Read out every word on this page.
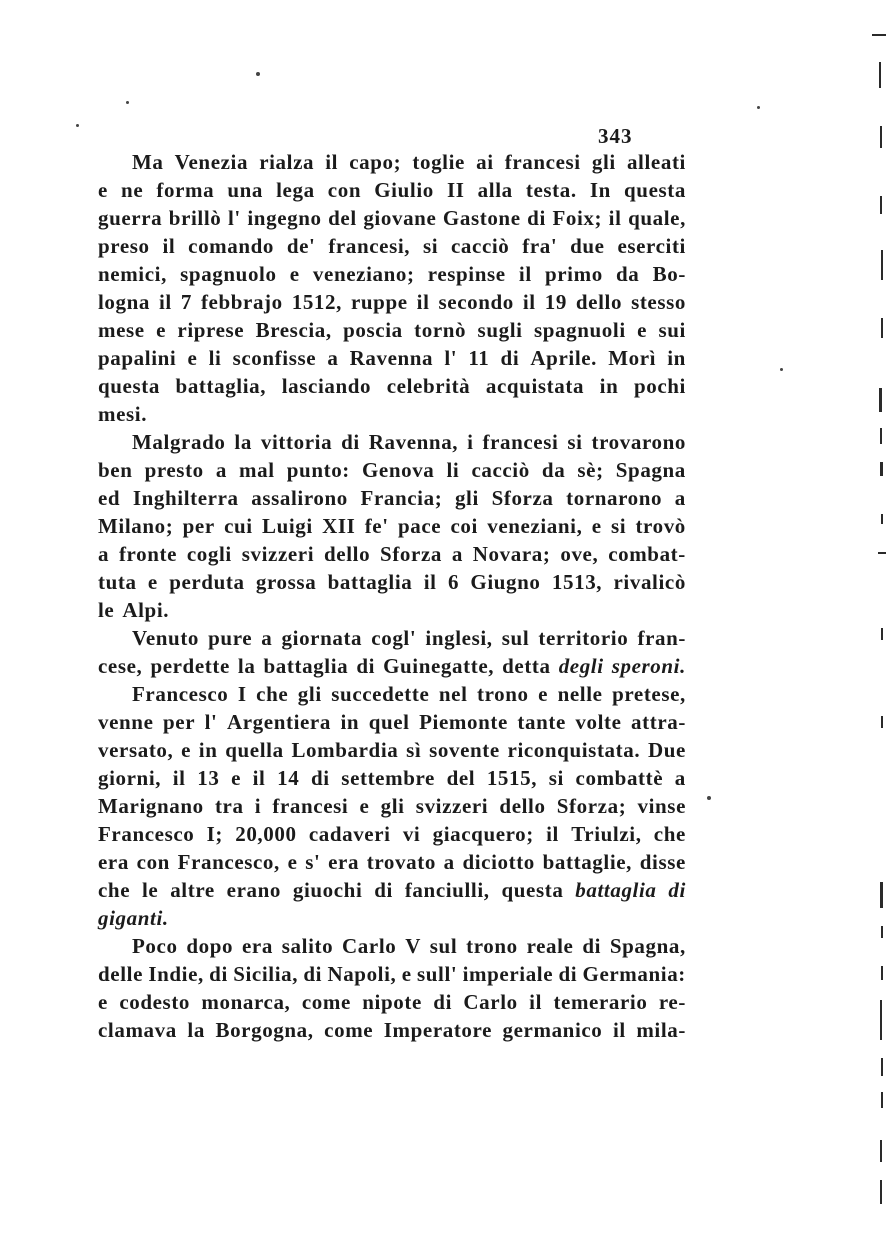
343
Ma Venezia rialza il capo; toglie ai francesi gli alleati
e ne forma una lega con Giulio II alla testa. In questa
guerra brillò l' ingegno del giovane Gastone di Foix; il quale,
preso il comando de' francesi, si cacciò fra' due eserciti
nemici, spagnuolo e veneziano; respinse il primo da Bo-
logna il 7 febbrajo 1512, ruppe il secondo il 19 dello stesso
mese e riprese Brescia, poscia tornò sugli spagnuoli e sui
papalini e li sconfisse a Ravenna l' 11 di Aprile. Morì in
questa battaglia, lasciando celebrità acquistata in pochi
mesi.
Malgrado la vittoria di Ravenna, i francesi si trovarono
ben presto a mal punto: Genova li cacciò da sè; Spagna
ed Inghilterra assalirono Francia; gli Sforza tornarono a
Milano; per cui Luigi XII fe' pace coi veneziani, e si trovò
a fronte cogli svizzeri dello Sforza a Novara; ove, combat-
tuta e perduta grossa battaglia il 6 Giugno 1513, rivalicò
le Alpi.
Venuto pure a giornata cogl' inglesi, sul territorio fran-
cese, perdette la battaglia di Guinegatte, detta degli speroni.
Francesco I che gli succedette nel trono e nelle pretese,
venne per l' Argentiera in quel Piemonte tante volte attra-
versato, e in quella Lombardia sì sovente riconquistata. Due
giorni, il 13 e il 14 di settembre del 1515, si combattè a
Marignano tra i francesi e gli svizzeri dello Sforza; vinse
Francesco I; 20,000 cadaveri vi giacquero; il Triulzi, che
era con Francesco, e s' era trovato a diciotto battaglie, disse
che le altre erano giuochi di fanciulli, questa battaglia di
giganti.
Poco dopo era salito Carlo V sul trono reale di Spagna,
delle Indie, di Sicilia, di Napoli, e sull' imperiale di Germania:
e codesto monarca, come nipote di Carlo il temerario re-
clamava la Borgogna, come Imperatore germanico il mila-
